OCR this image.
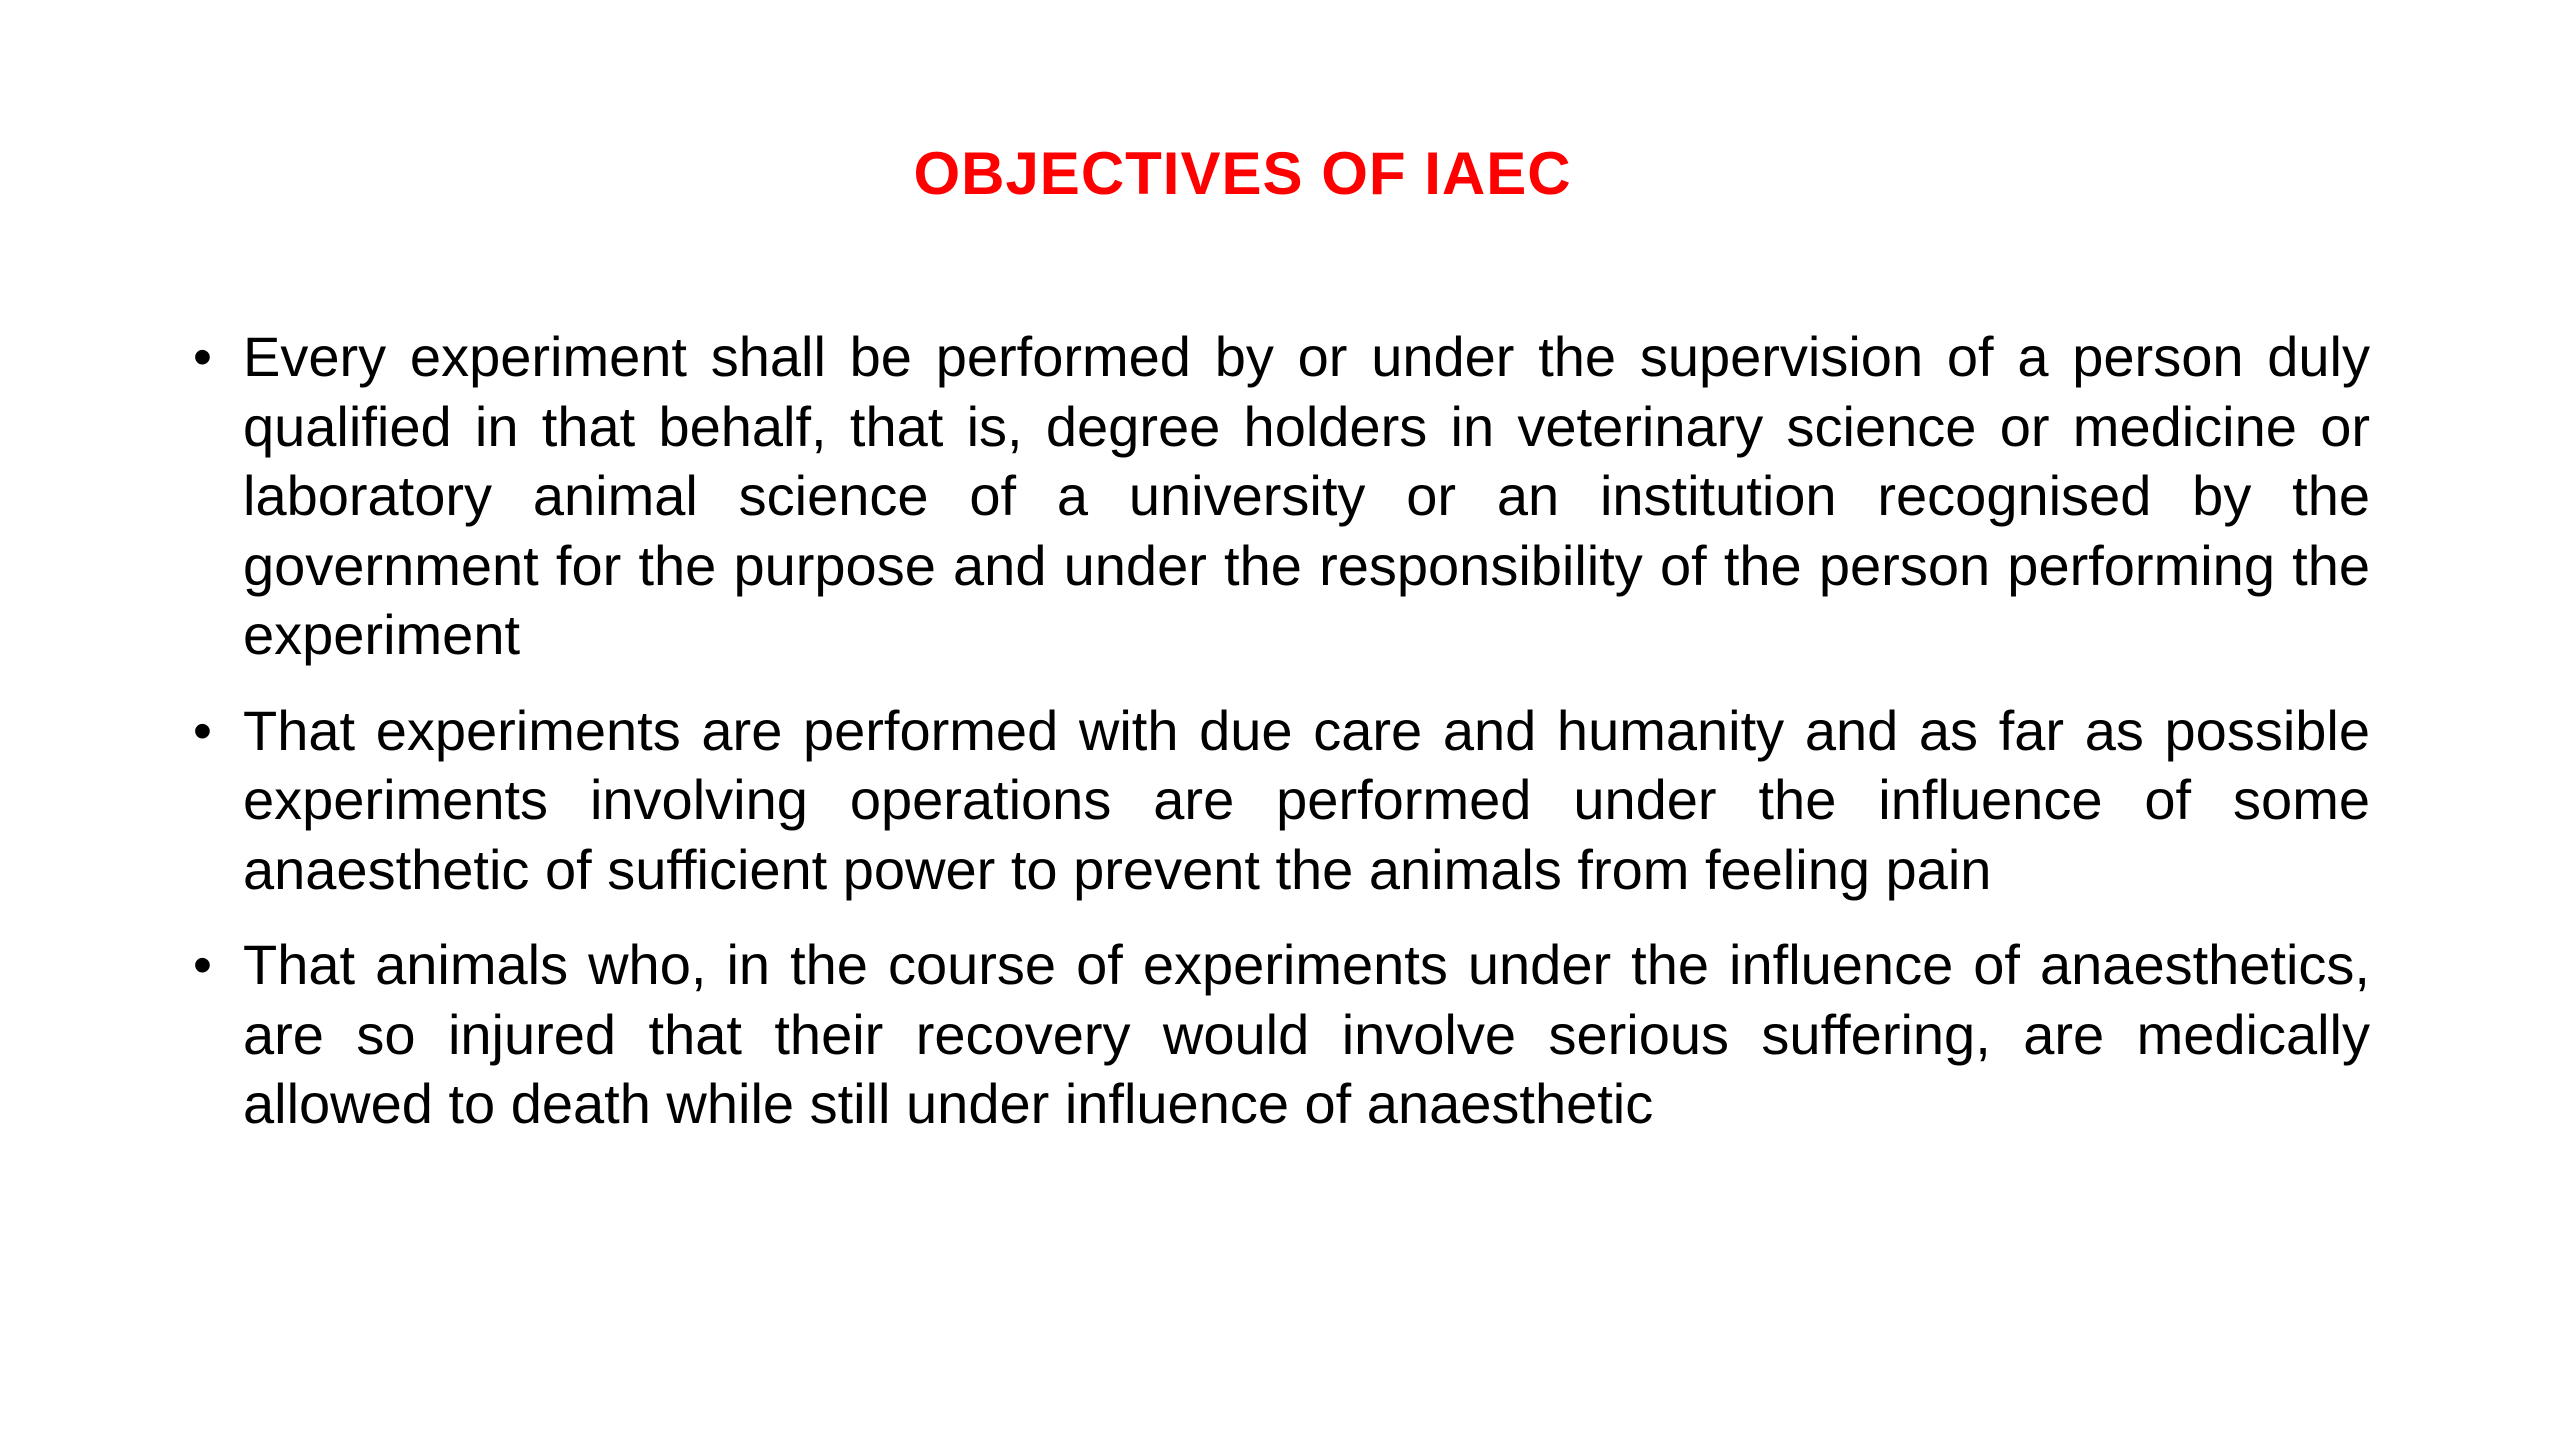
OBJECTIVES OF IAEC
• Every experiment shall be performed by or under the supervision of a person duly qualified in that behalf, that is, degree holders in veterinary science or medicine or laboratory animal science of a university or an institution recognised by the government for the purpose and under the responsibility of the person performing the experiment

• That experiments are performed with due care and humanity and as far as possible experiments involving operations are performed under the influence of some anaesthetic of sufficient power to prevent the animals from feeling pain

• That animals who, in the course of experiments under the influence of anaesthetics, are so injured that their recovery would involve serious suffering, are medically allowed to death while still under influence of anaesthetic
